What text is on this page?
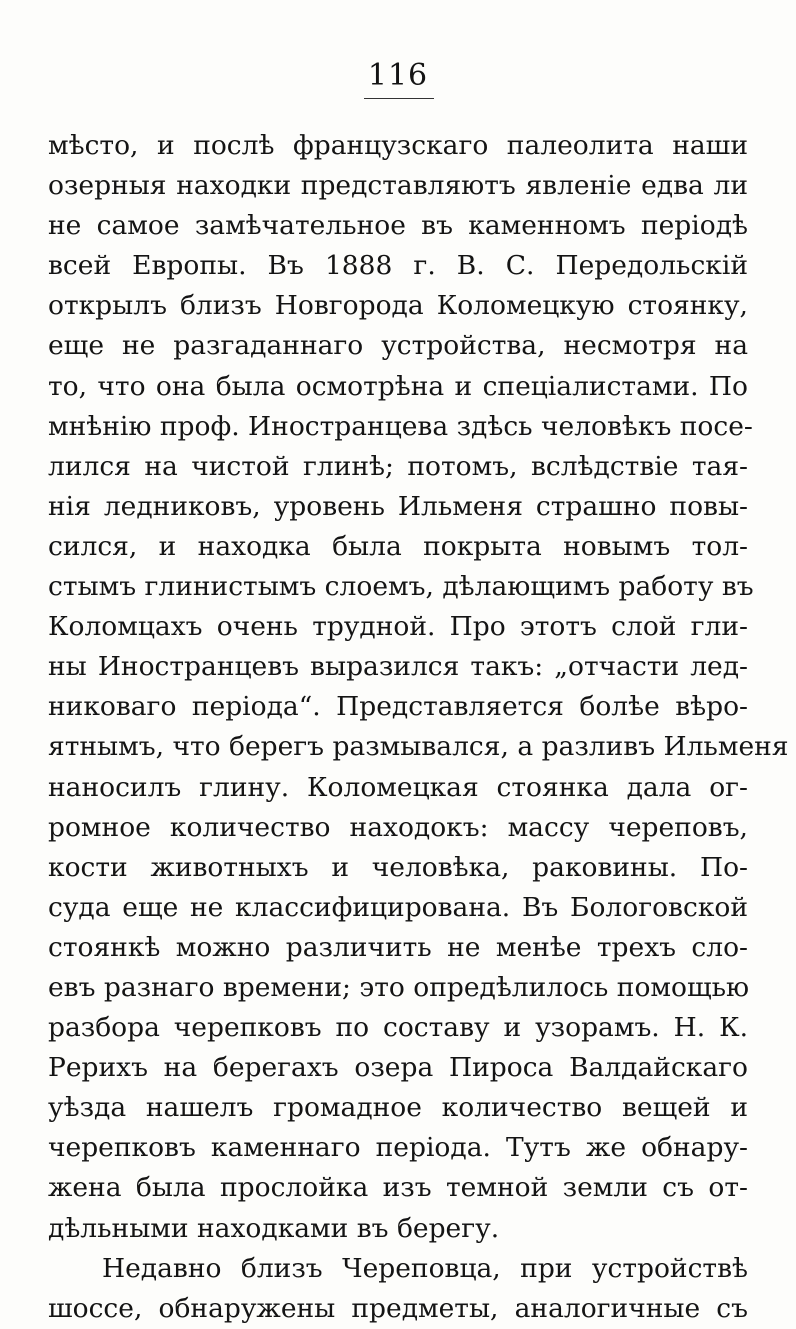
116
мѣсто, и послѣ французскаго палеолита наши
озерныя находки представляютъ явленіе едва ли
не самое замѣчательное въ каменномъ періодѣ
всей Европы. Въ 1888 г. В. С. Передольскій
открылъ близъ Новгорода Коломецкую стоянку,
еще не разгаданнаго устройства, несмотря на
то, что она была осмотрѣна и спеціалистами. По
мнѣнію проф. Иностранцева здѣсь человѣкъ посе-
лился на чистой глинѣ; потомъ, вслѣдствіе тая-
нія ледниковъ, уровень Ильменя страшно повы-
сился, и находка была покрыта новымъ тол-
стымъ глинистымъ слоемъ, дѣлающимъ работу въ
Коломцахъ очень трудной. Про этотъ слой гли-
ны Иностранцевъ выразился такъ: „отчасти лед-
никоваго періода“. Представляется болѣе вѣро-
ятнымъ, что берегъ размывался, а разливъ Ильменя
наносилъ глину. Коломецкая стоянка дала ог-
ромное количество находокъ: массу череповъ,
кости животныхъ и человѣка, раковины. По-
суда еще не классифицирована. Въ Бологовской
стоянкѣ можно различить не менѣе трехъ сло-
евъ разнаго времени; это опредѣлилось помощью
разбора черепковъ по составу и узорамъ. Н. К.
Рерихъ на берегахъ озера Пироса Валдайскаго
уѣзда нашелъ громадное количество вещей и
черепковъ каменнаго періода. Тутъ же обнару-
жена была прослойка изъ темной земли съ от-
дѣльными находками въ берегу.
Недавно близъ Череповца, при устройствѣ
шоссе, обнаружены предметы, аналогичные съ
